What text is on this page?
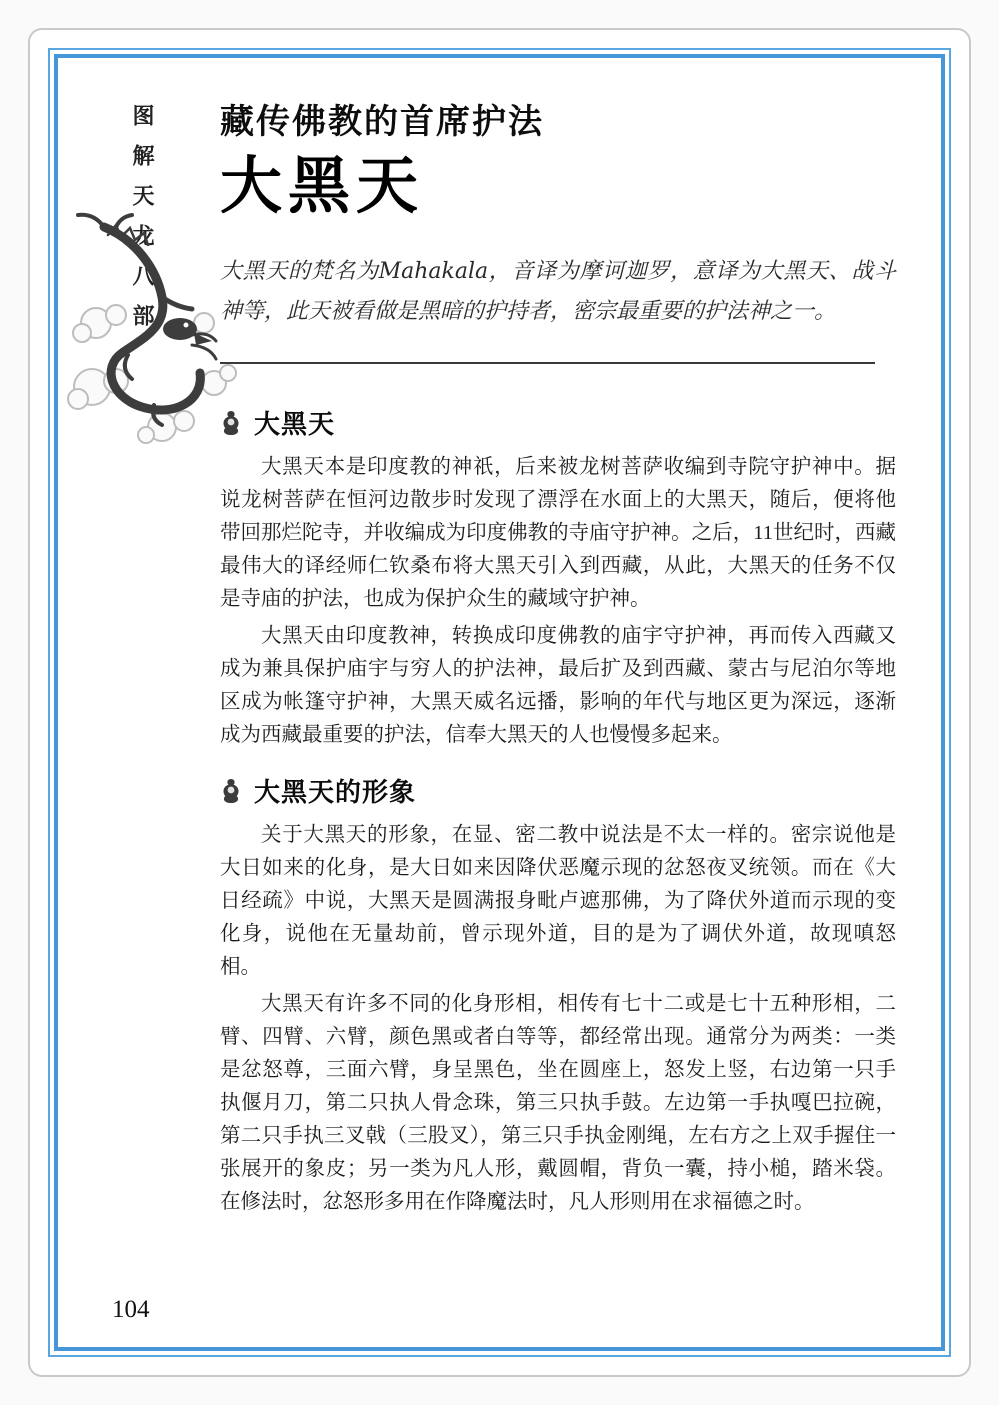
图解天龙八部 藏传佛教的首席护法
大黑天

大黑天的梵名为Mahakala，音译为摩诃迦罗，意译为大黑天、战斗神等，此天被看做是黑暗的护持者，密宗最重要的护法神之一。

大黑天

大黑天本是印度教的神祇，后来被龙树菩萨收编到寺院守护神中。据说龙树菩萨在恒河边散步时发现了漂浮在水面上的大黑天，随后，便将他带回那烂陀寺，并收编成为印度佛教的寺庙守护神。之后，11世纪时，西藏最伟大的译经师仁钦桑布将大黑天引入到西藏，从此，大黑天的任务不仅是寺庙的护法，也成为保护众生的藏域守护神。

大黑天由印度教神，转换成印度佛教的庙宇守护神，再而传入西藏又成为兼具保护庙宇与穷人的护法神，最后扩及到西藏、蒙古与尼泊尔等地区成为帐篷守护神，大黑天威名远播，影响的年代与地区更为深远，逐渐成为西藏最重要的护法，信奉大黑天的人也慢慢多起来。

大黑天的形象

关于大黑天的形象，在显、密二教中说法是不太一样的。密宗说他是大日如来的化身，是大日如来因降伏恶魔示现的忿怒夜叉统领。而在《大日经疏》中说，大黑天是圆满报身毗卢遮那佛，为了降伏外道而示现的变化身，说他在无量劫前，曾示现外道，目的是为了调伏外道，故现嗔怒相。

大黑天有许多不同的化身形相，相传有七十二或是七十五种形相，二臂、四臂、六臂，颜色黑或者白等等，都经常出现。通常分为两类：一类是忿怒尊，三面六臂，身呈黑色，坐在圆座上，怒发上竖，右边第一只手执偃月刀，第二只执人骨念珠，第三只执手鼓。左边第一手执嘎巴拉碗，第二只手执三叉戟（三股叉），第三只手执金刚绳，左右方之上双手握住一张展开的象皮；另一类为凡人形，戴圆帽，背负一囊，持小槌，踏米袋。在修法时，忿怒形多用在作降魔法时，凡人形则用在求福德之时。

104
